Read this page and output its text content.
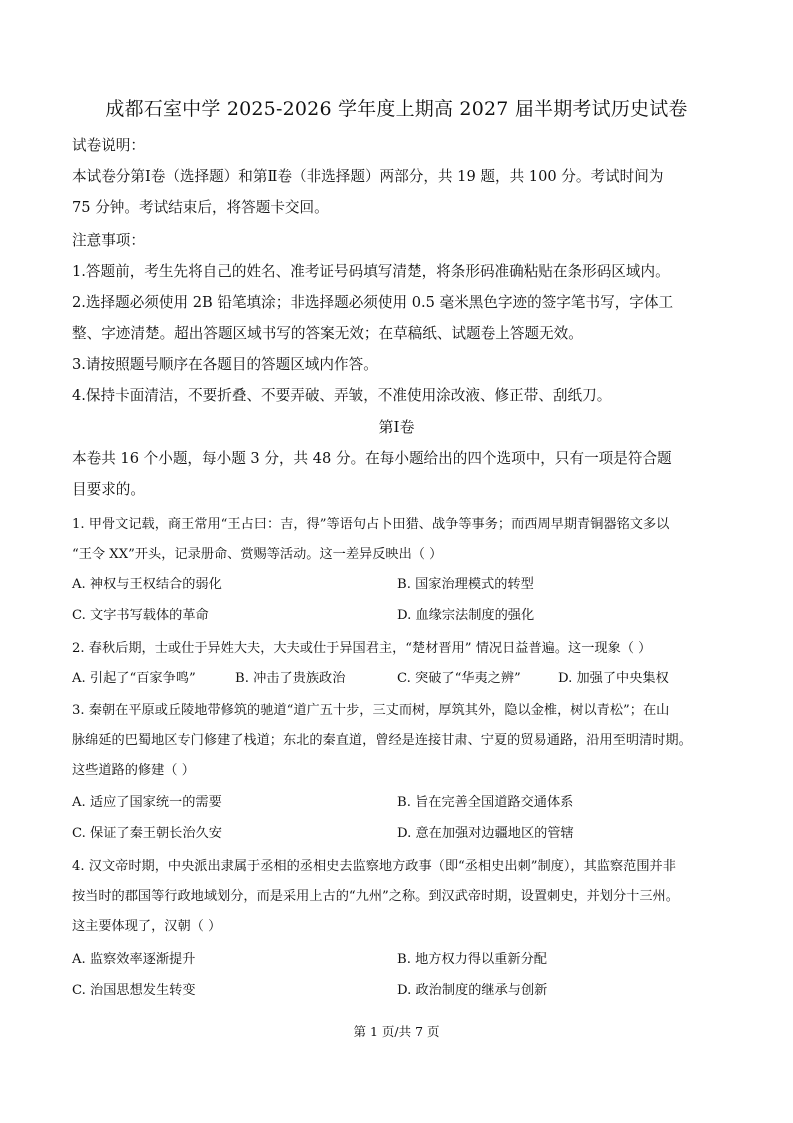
成都石室中学 2025-2026 学年度上期高 2027 届半期考试历史试卷
试卷说明：
本试卷分第Ⅰ卷（选择题）和第Ⅱ卷（非选择题）两部分，共 19 题，共 100 分。考试时间为
75 分钟。考试结束后，将答题卡交回。
注意事项：
1.答题前，考生先将自己的姓名、准考证号码填写清楚，将条形码准确粘贴在条形码区域内。
2.选择题必须使用 2B 铅笔填涂；非选择题必须使用 0.5 毫米黑色字迹的签字笔书写，字体工
整、字迹清楚。超出答题区域书写的答案无效；在草稿纸、试题卷上答题无效。
3.请按照题号顺序在各题目的答题区域内作答。
4.保持卡面清洁，不要折叠、不要弄破、弄皱，不准使用涂改液、修正带、刮纸刀。
第Ⅰ卷
本卷共 16 个小题，每小题 3 分，共 48 分。在每小题给出的四个选项中，只有一项是符合题
目要求的。
1. 甲骨文记载，商王常用“王占曰：吉，得”等语句占卜田猎、战争等事务；而西周早期青铜器铭文多以
“王令 XX”开头，记录册命、赏赐等活动。这一差异反映出（ ）
A. 神权与王权结合的弱化	B. 国家治理模式的转型
C. 文字书写载体的革命	D. 血缘宗法制度的强化
2. 春秋后期，士或仕于异姓大夫，大夫或仕于异国君主，“楚材晋用” 情况日益普遍。这一现象（ ）
A. 引起了“百家争鸣”	B. 冲击了贵族政治	C. 突破了“华夷之辨”	D. 加强了中央集权
3. 秦朝在平原或丘陵地带修筑的驰道“道广五十步，三丈而树，厚筑其外，隐以金椎，树以青松”；在山
脉绵延的巴蜀地区专门修建了栈道；东北的秦直道，曾经是连接甘肃、宁夏的贸易通路，沿用至明清时期。
这些道路的修建（ ）
A. 适应了国家统一的需要	B. 旨在完善全国道路交通体系
C. 保证了秦王朝长治久安	D. 意在加强对边疆地区的管辖
4. 汉文帝时期，中央派出隶属于丞相的丞相史去监察地方政事（即“丞相史出刺”制度），其监察范围并非
按当时的郡国等行政地域划分，而是采用上古的“九州”之称。到汉武帝时期，设置刺史，并划分十三州。
这主要体现了，汉朝（ ）
A. 监察效率逐渐提升	B. 地方权力得以重新分配
C. 治国思想发生转变	D. 政治制度的继承与创新
第 1 页/共 7 页
